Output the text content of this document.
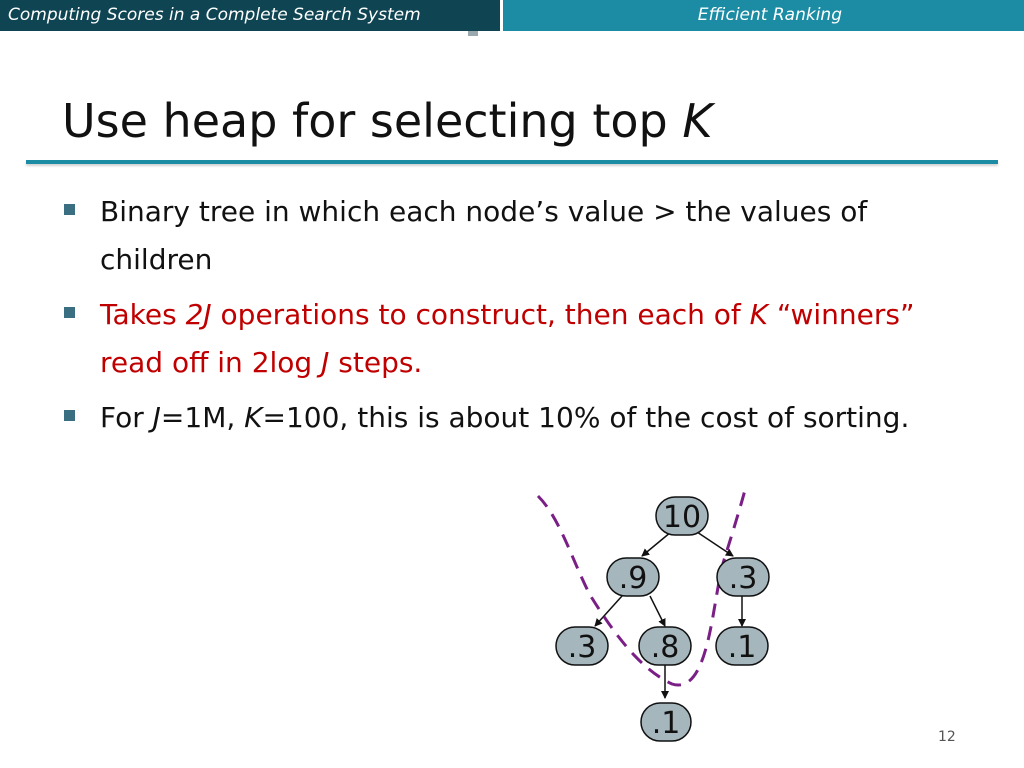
Computing Scores in a Complete Search System	Efficient Ranking
Use heap for selecting top K
Binary tree in which each node’s value > the values of children
Takes 2J operations to construct, then each of K “winners” read off in 2log J steps.
For J=1M, K=100, this is about 10% of the cost of sorting.
10
.9	.3
.3 .8 .1
.1	12
